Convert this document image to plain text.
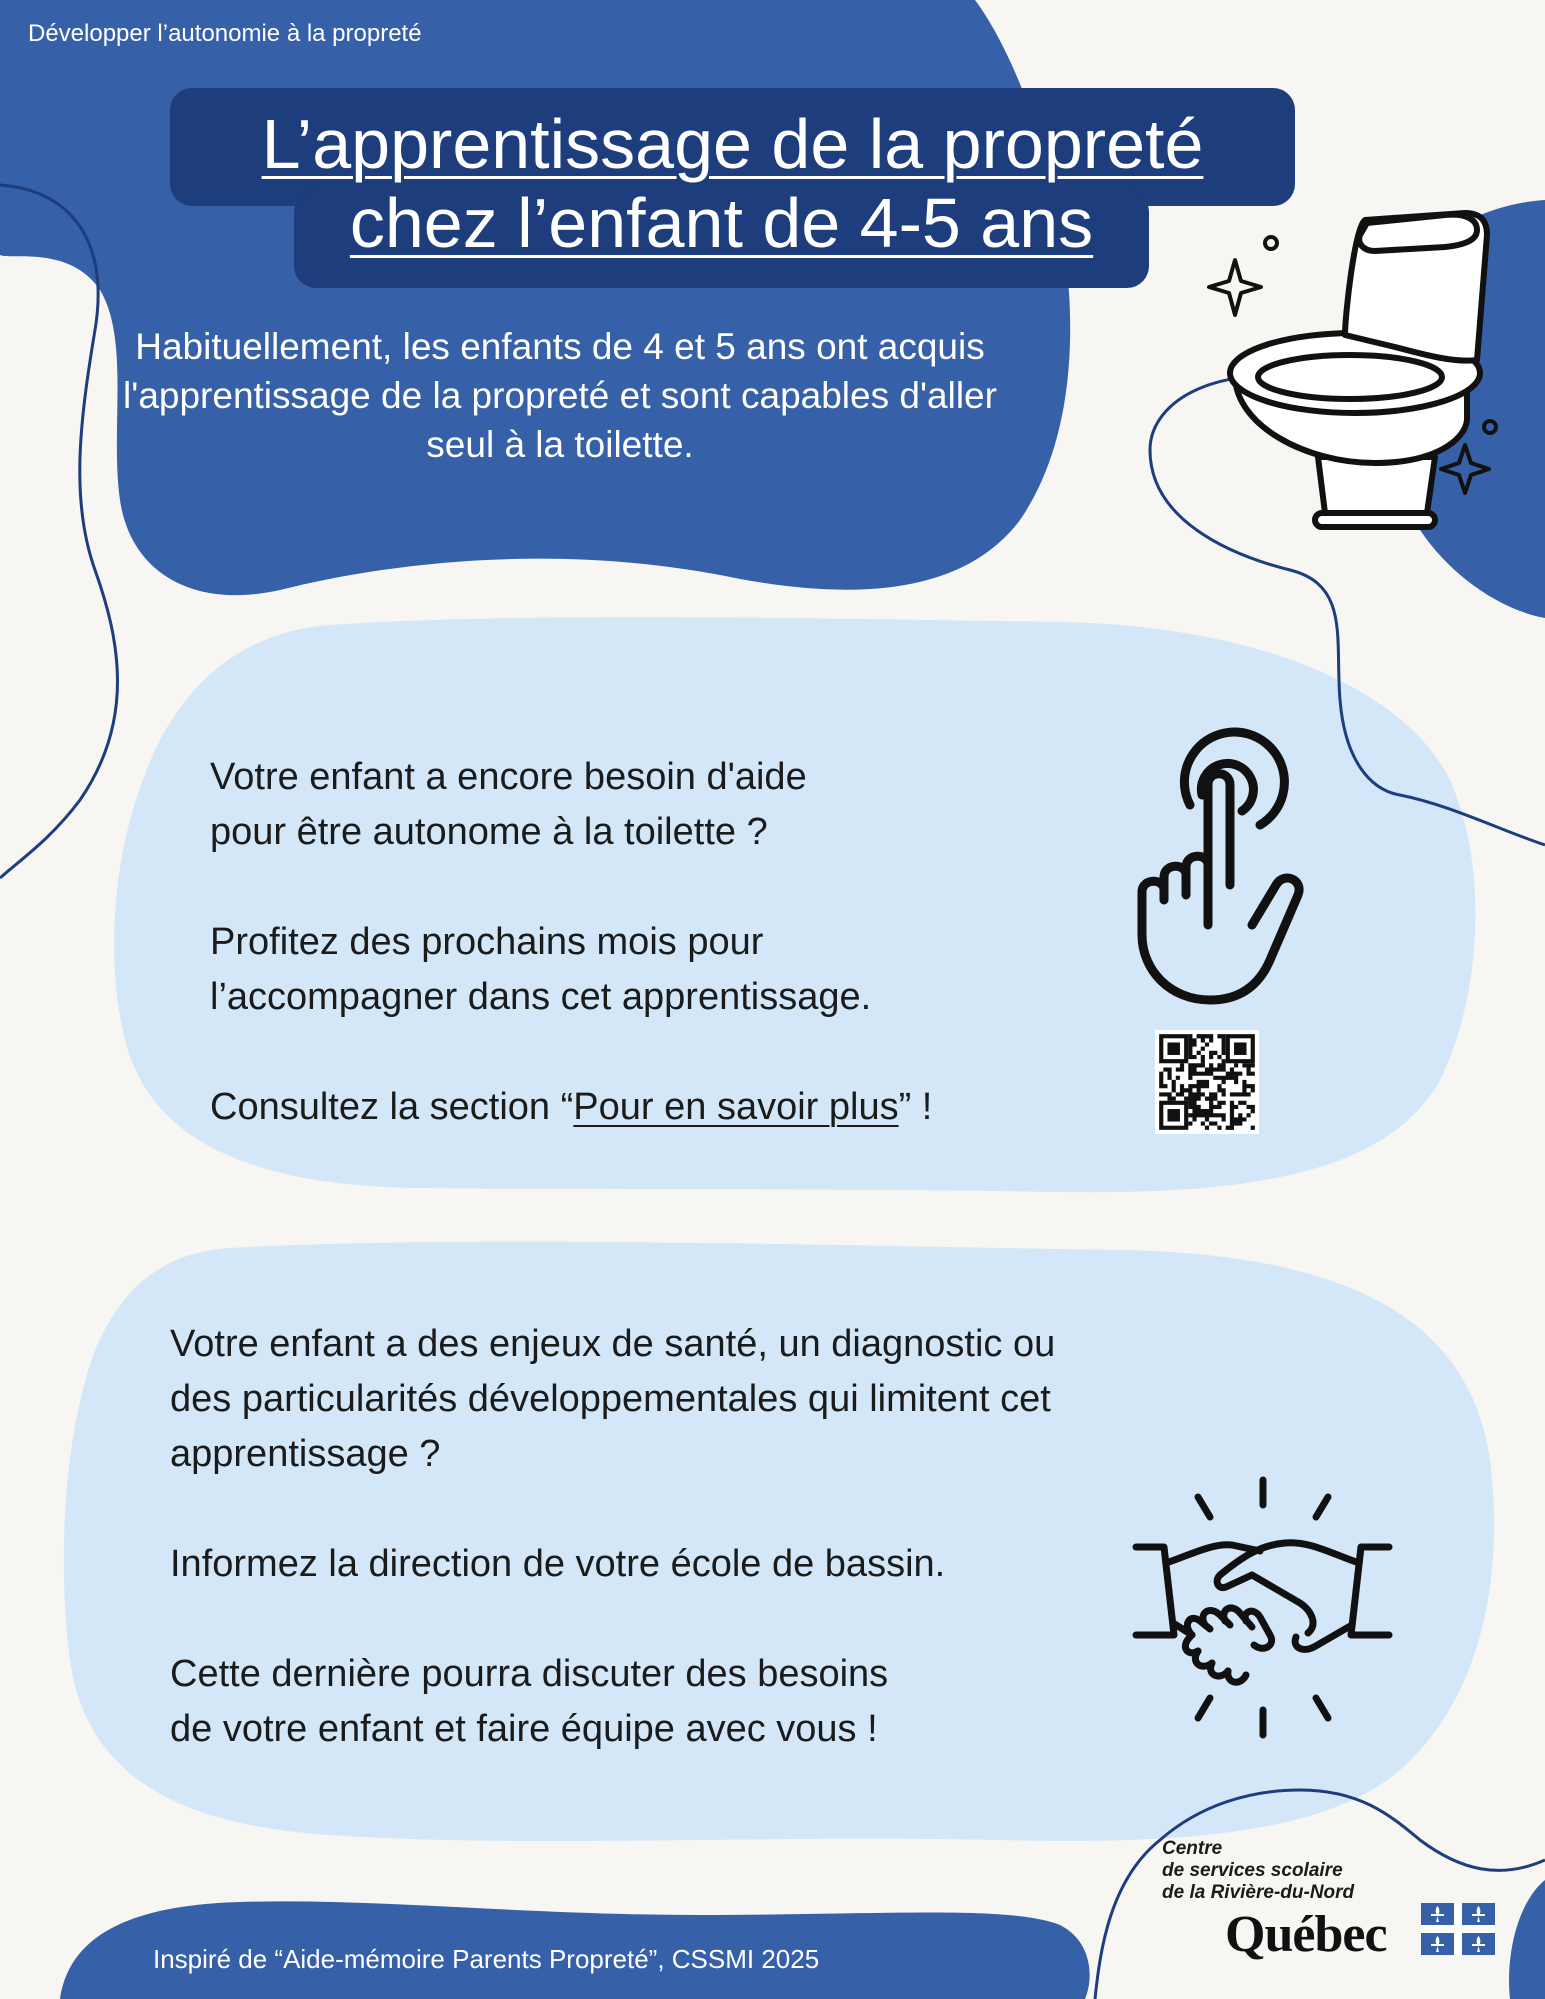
Développer l’autonomie à la propreté
L’apprentissage de la propreté
chez l’enfant de 4-5 ans
Habituellement, les enfants de 4 et 5 ans ont acquis l'apprentissage de la propreté et sont capables d'aller seul à la toilette.

Votre enfant a encore besoin d'aide
pour être autonome à la toilette ?

Profitez des prochains mois pour
l’accompagner dans cet apprentissage.

Consultez la section “Pour en savoir plus” !

Votre enfant a des enjeux de santé, un diagnostic ou
des particularités développementales qui limitent cet
apprentissage ?

Informez la direction de votre école de bassin.

Cette dernière pourra discuter des besoins
de votre enfant et faire équipe avec vous !

Inspiré de “Aide-mémoire Parents Propreté”, CSSMI 2025
Centre
de services scolaire
de la Rivière-du-Nord
Québec
